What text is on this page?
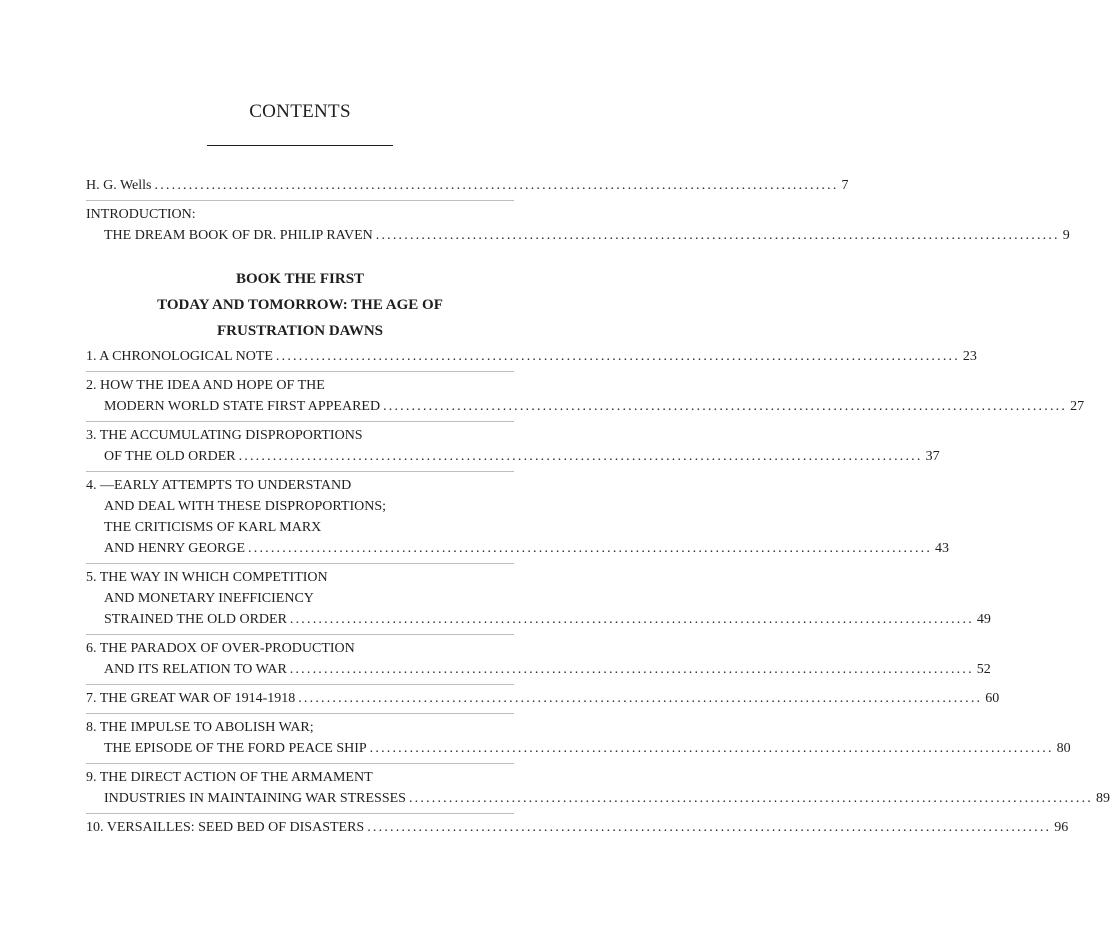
CONTENTS
H. G. Wells ........................................................................................................................ 7
INTRODUCTION:
THE DREAM BOOK OF DR. PHILIP RAVEN ........................................................................................................................ 9
BOOK THE FIRST
TODAY AND TOMORROW: THE AGE OF
FRUSTRATION DAWNS
1. A CHRONOLOGICAL NOTE ........................................................................................................................ 23
2. HOW THE IDEA AND HOPE OF THE
MODERN WORLD STATE FIRST APPEARED ........................................................................................................................ 27
3. THE ACCUMULATING DISPROPORTIONS
OF THE OLD ORDER ........................................................................................................................ 37
4. —EARLY ATTEMPTS TO UNDERSTAND
AND DEAL WITH THESE DISPROPORTIONS;
THE CRITICISMS OF KARL MARX
AND HENRY GEORGE ........................................................................................................................ 43
5. THE WAY IN WHICH COMPETITION
AND MONETARY INEFFICIENCY
STRAINED THE OLD ORDER ........................................................................................................................ 49
6. THE PARADOX OF OVER-PRODUCTION
AND ITS RELATION TO WAR ........................................................................................................................ 52
7. THE GREAT WAR OF 1914-1918 ........................................................................................................................ 60
8. THE IMPULSE TO ABOLISH WAR;
THE EPISODE OF THE FORD PEACE SHIP ........................................................................................................................ 80
9. THE DIRECT ACTION OF THE ARMAMENT
INDUSTRIES IN MAINTAINING WAR STRESSES ........................................................................................................................ 89
10. VERSAILLES: SEED BED OF DISASTERS ........................................................................................................................ 96
